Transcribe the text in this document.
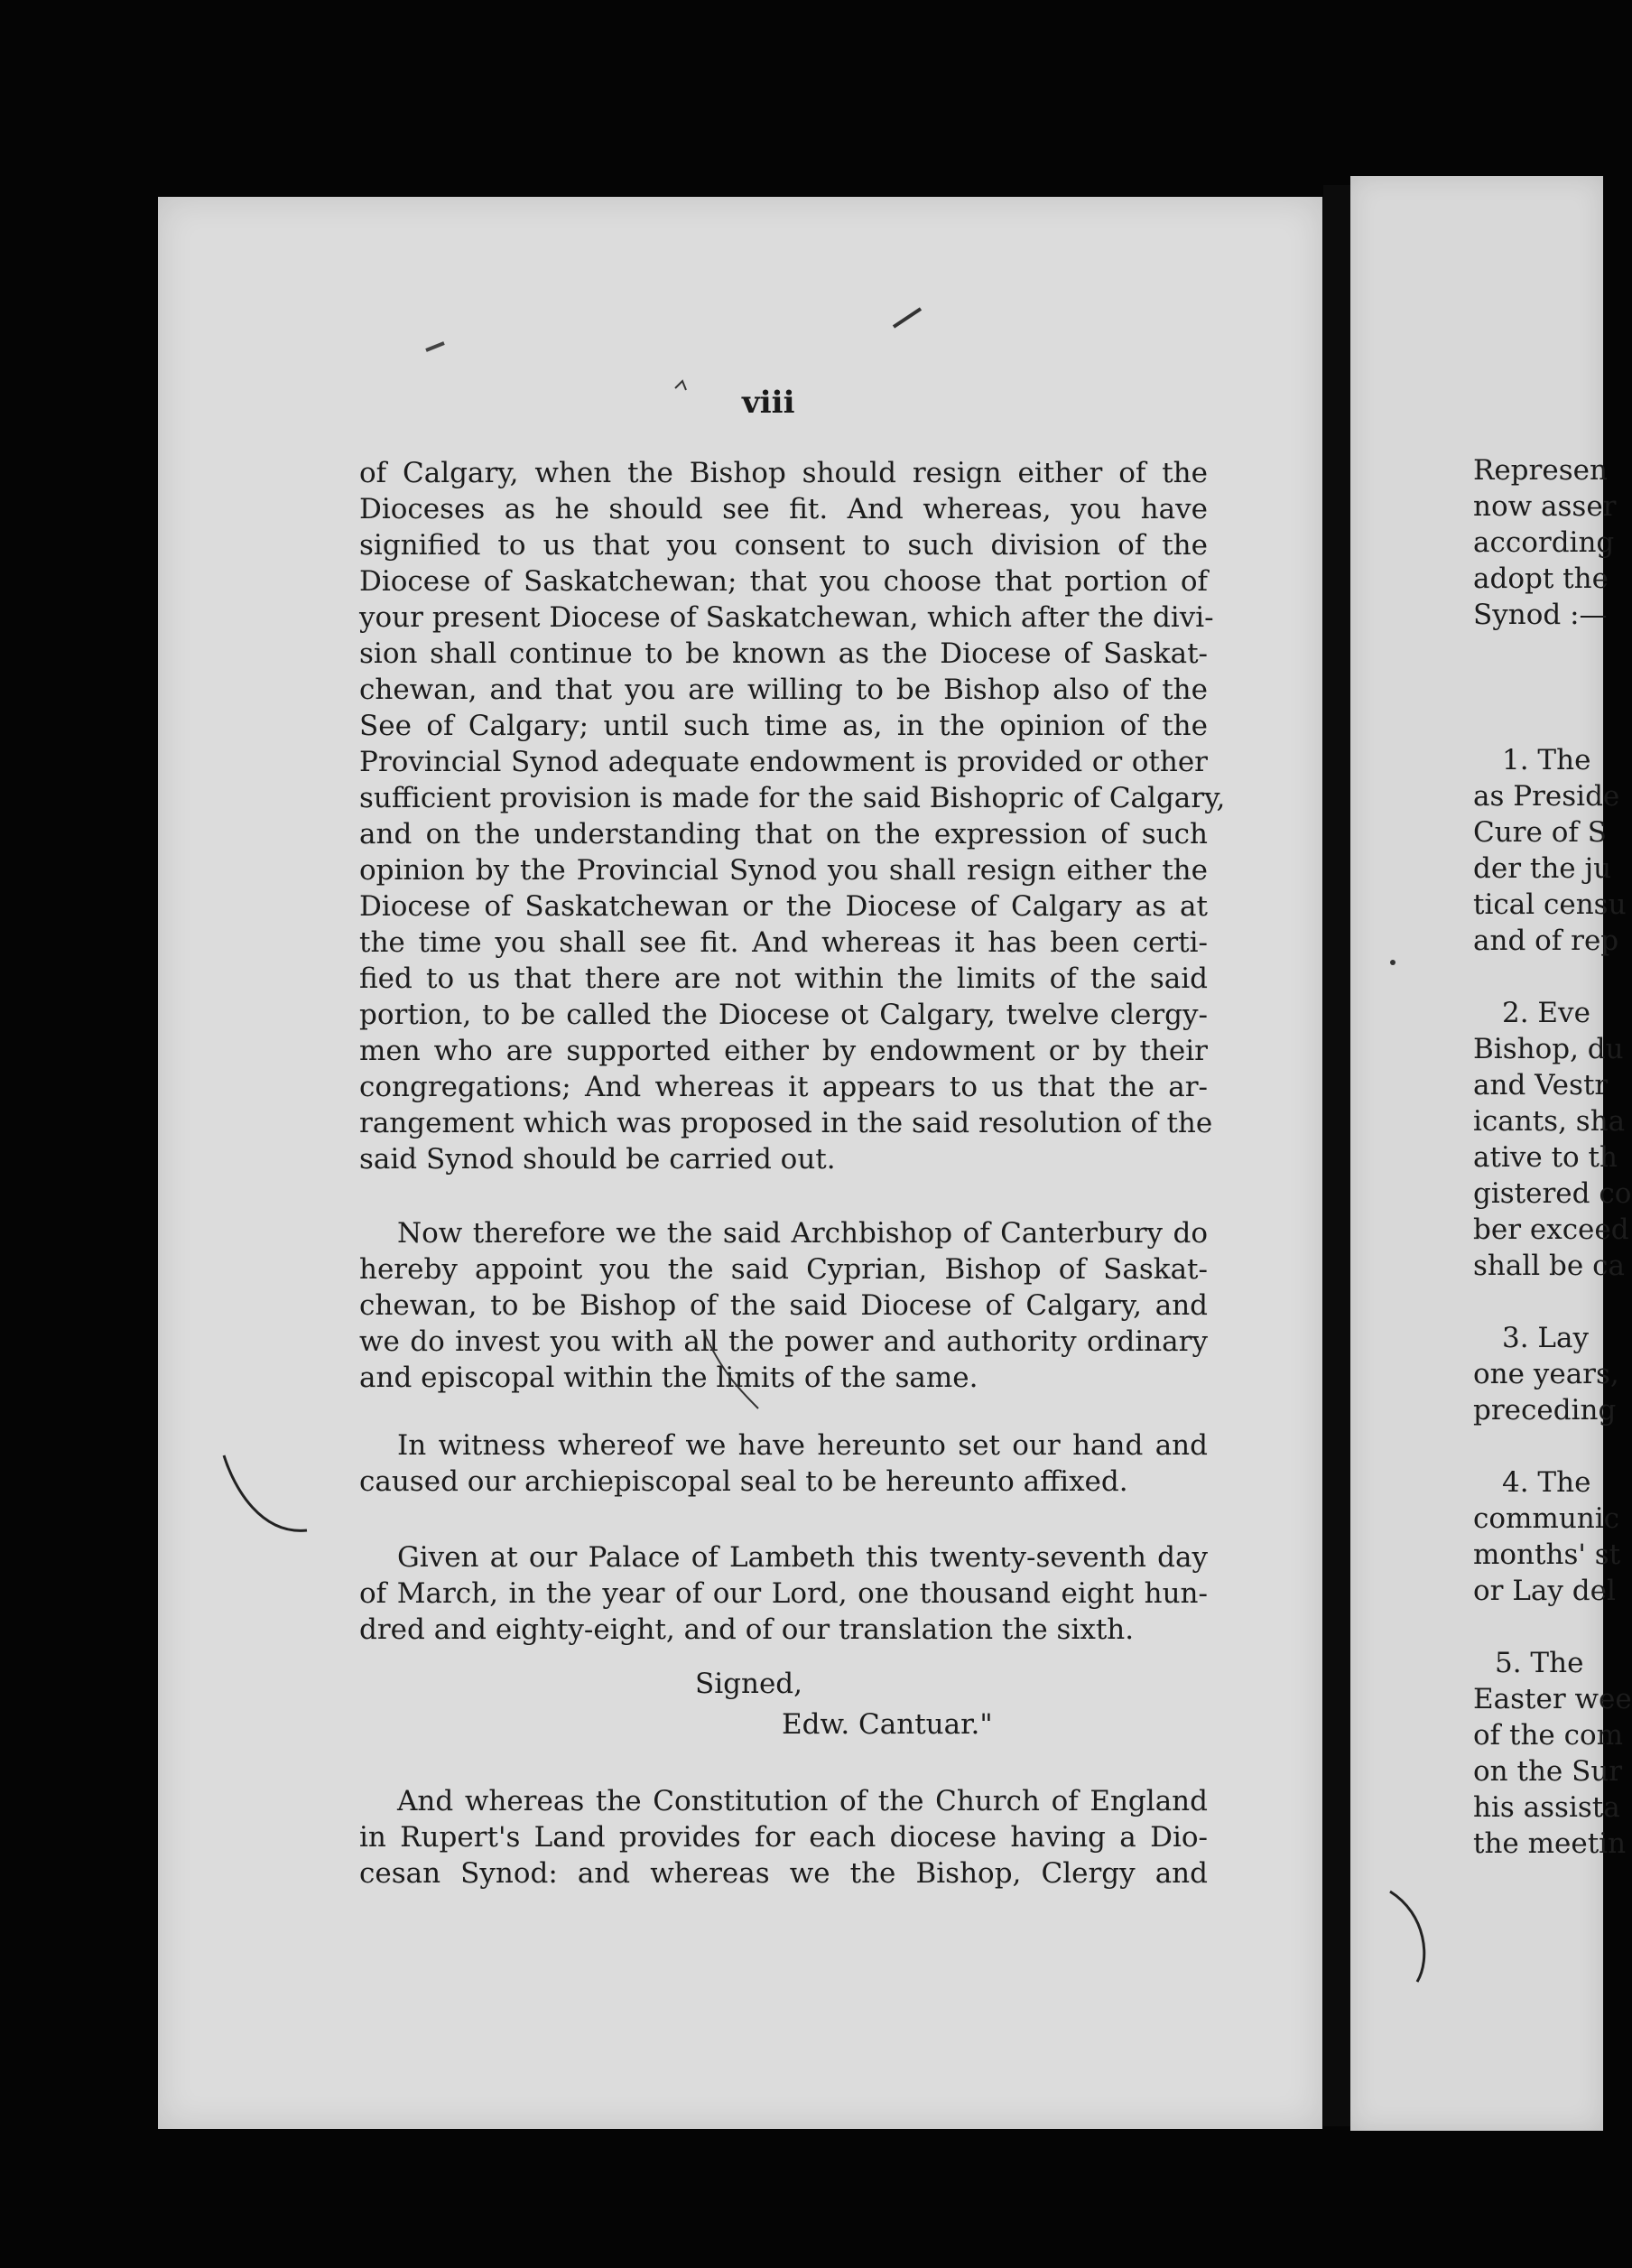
viii
of Calgary, when the Bishop should resign either of the
Dioceses as he should see fit. And whereas, you have
signified to us that you consent to such division of the
Diocese of Saskatchewan; that you choose that portion of
your present Diocese of Saskatchewan, which after the divi-
sion shall continue to be known as the Diocese of Saskat-
chewan, and that you are willing to be Bishop also of the
See of Calgary; until such time as, in the opinion of the
Provincial Synod adequate endowment is provided or other
sufficient provision is made for the said Bishopric of Calgary,
and on the understanding that on the expression of such
opinion by the Provincial Synod you shall resign either the
Diocese of Saskatchewan or the Diocese of Calgary as at
the time you shall see fit. And whereas it has been certi-
fied to us that there are not within the limits of the said
portion, to be called the Diocese ot Calgary, twelve clergy-
men who are supported either by endowment or by their
congregations; And whereas it appears to us that the ar-
rangement which was proposed in the said resolution of the
said Synod should be carried out.
Now therefore we the said Archbishop of Canterbury do
hereby appoint you the said Cyprian, Bishop of Saskat-
chewan, to be Bishop of the said Diocese of Calgary, and
we do invest you with all the power and authority ordinary
and episcopal within the limits of the same.
In witness whereof we have hereunto set our hand and
caused our archiepiscopal seal to be hereunto affixed.
Given at our Palace of Lambeth this twenty-seventh day
of March, in the year of our Lord, one thousand eight hun-
dred and eighty-eight, and of our translation the sixth.
Signed,
Edw. Cantuar."
And whereas the Constitution of the Church of England
in Rupert's Land provides for each diocese having a Dio-
cesan Synod: and whereas we the Bishop, Clergy and
Represen
now asser
according
adopt the
Synod :—
1. The
as Preside
Cure of S
der the ju
tical censu
and of rep
2. Eve
Bishop, du
and Vestr
icants, sha
ative to th
gistered co
ber exceed
shall be ca
3. Lay
one years,
preceding
4. The
communic
months' st
or Lay del
5. The
Easter wee
of the com
on the Sur
his assista
the meetin
